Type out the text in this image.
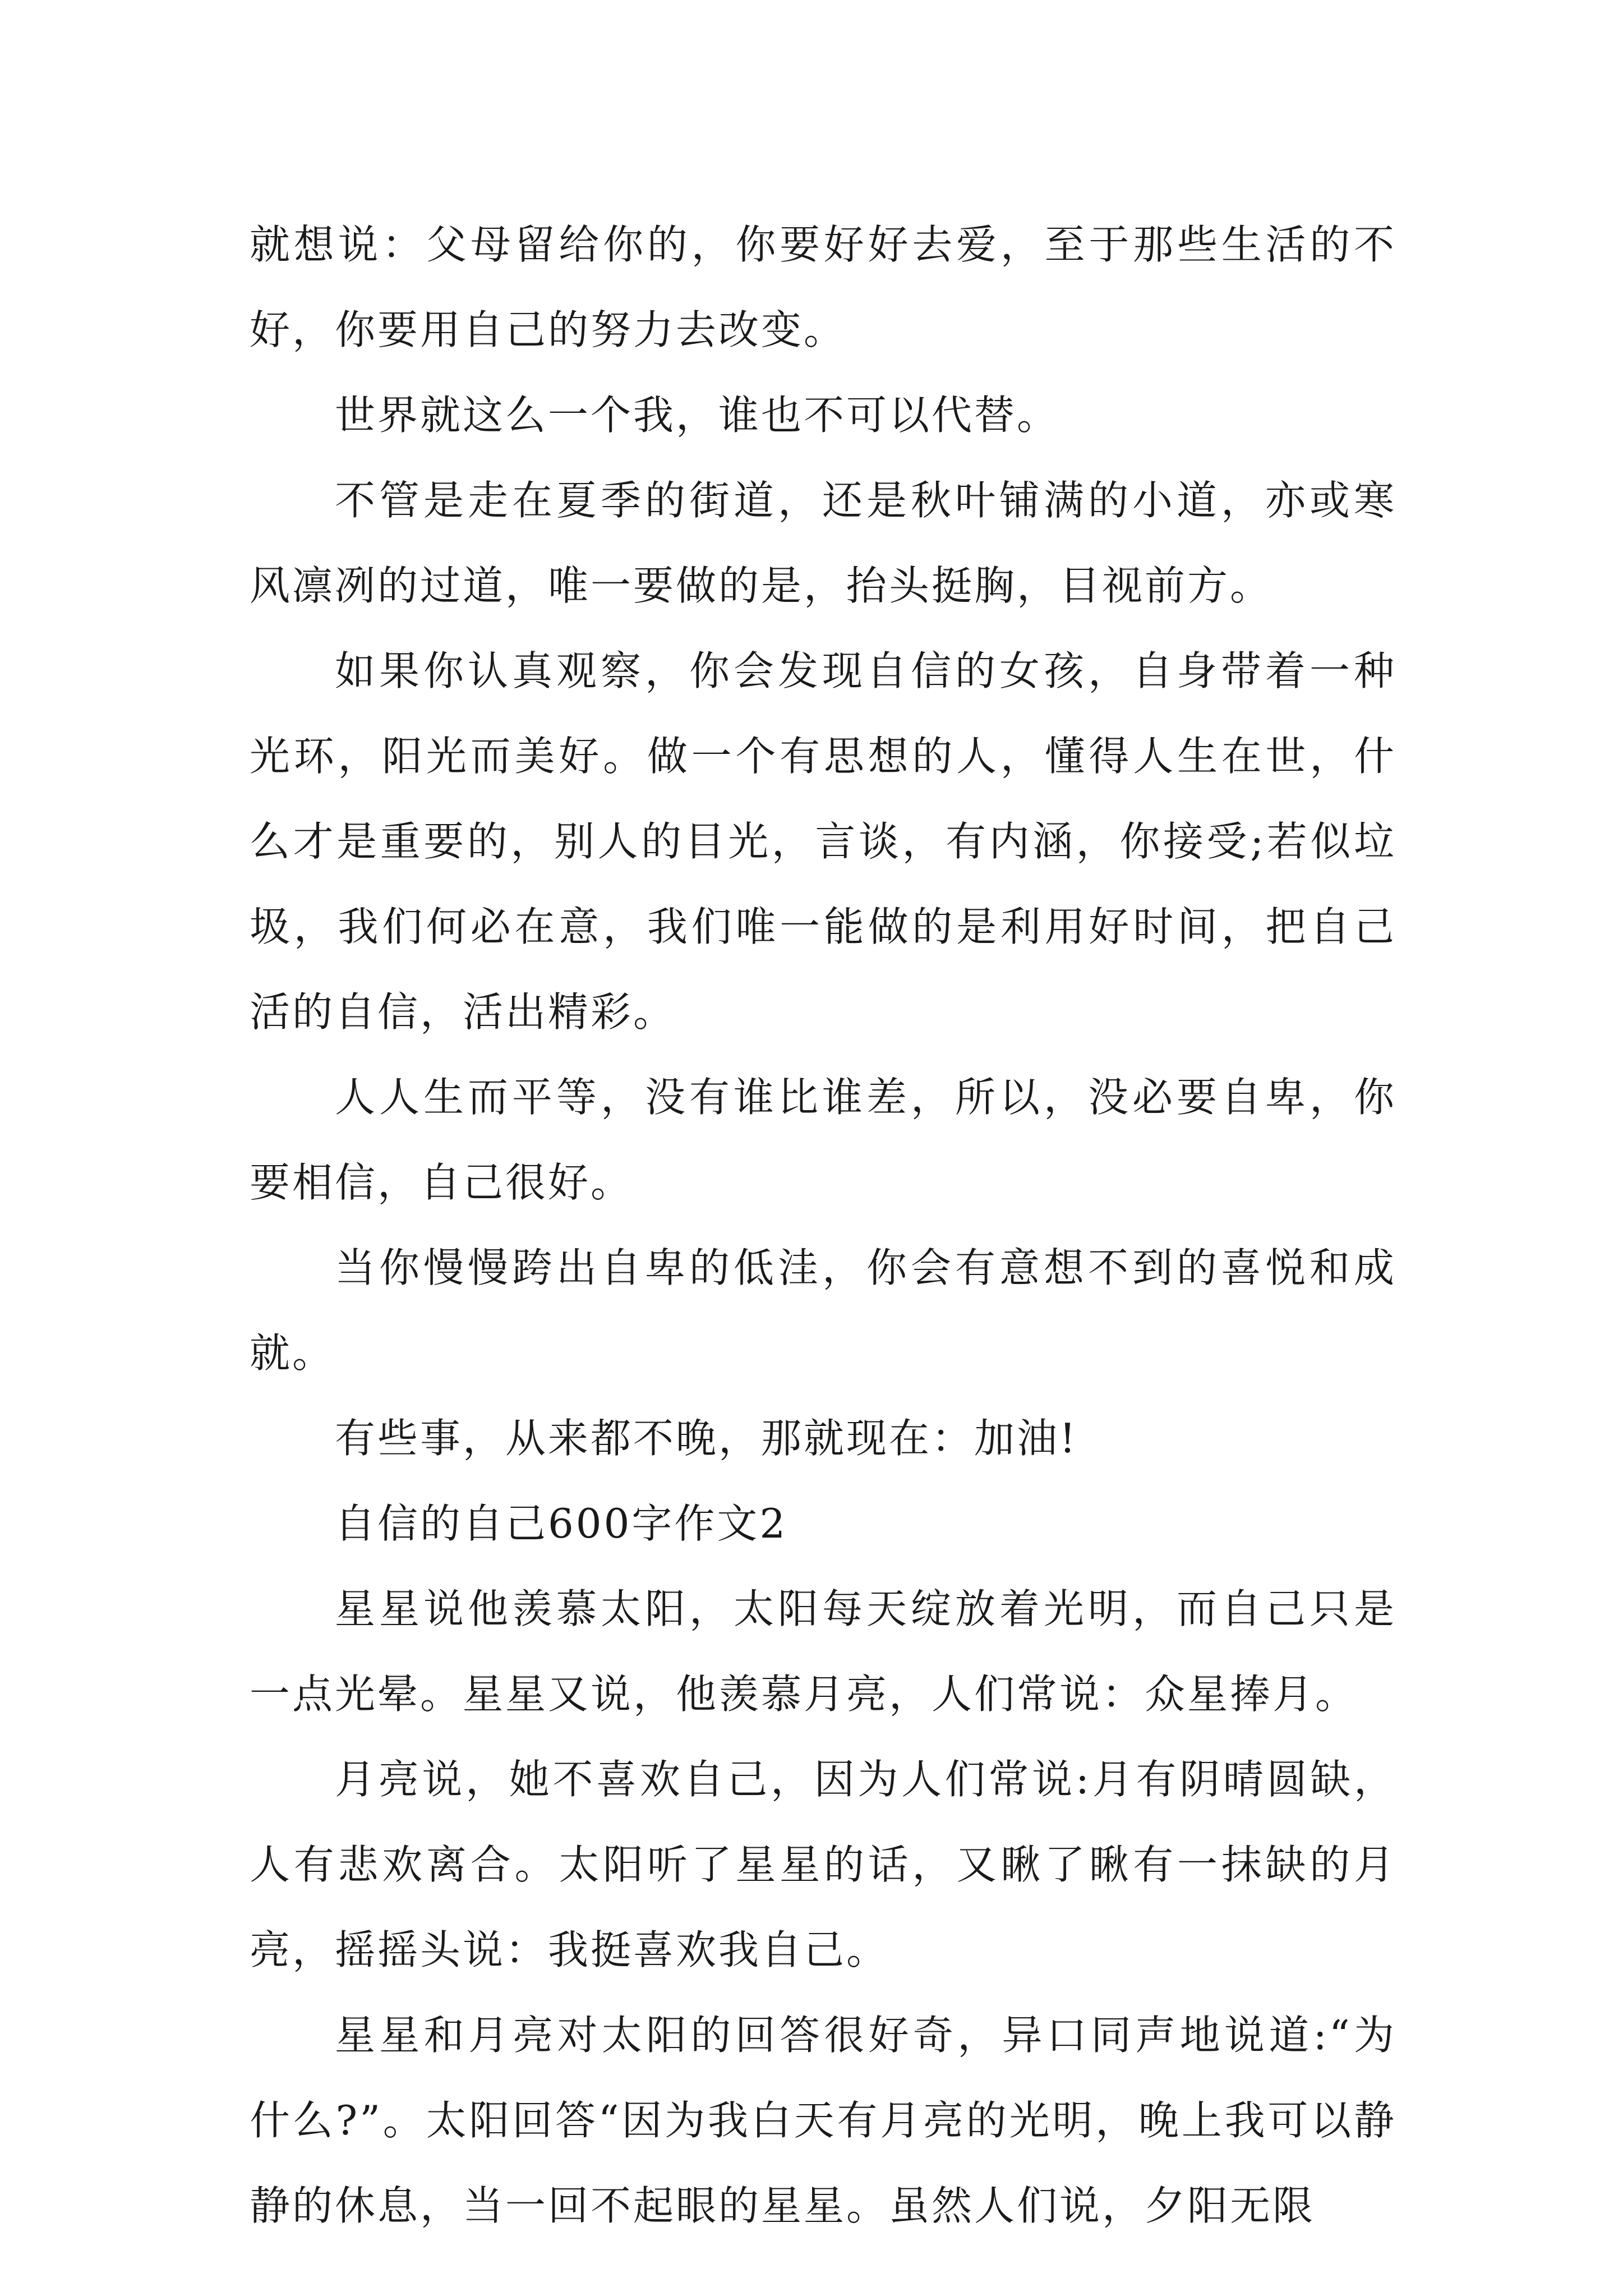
就想说：父母留给你的，你要好好去爱，至于那些生活的不好，你要用自己的努力去改变。

世界就这么一个我，谁也不可以代替。

不管是走在夏季的街道，还是秋叶铺满的小道，亦或寒风凛冽的过道，唯一要做的是，抬头挺胸，目视前方。

如果你认真观察，你会发现自信的女孩，自身带着一种光环，阳光而美好。做一个有思想的人，懂得人生在世，什么才是重要的，别人的目光，言谈，有内涵，你接受;若似垃圾，我们何必在意，我们唯一能做的是利用好时间，把自己活的自信，活出精彩。

人人生而平等，没有谁比谁差，所以，没必要自卑，你要相信，自己很好。

当你慢慢跨出自卑的低洼，你会有意想不到的喜悦和成就。

有些事，从来都不晚，那就现在：加油!

自信的自己600字作文2

星星说他羡慕太阳，太阳每天绽放着光明，而自己只是一点光晕。星星又说，他羡慕月亮，人们常说：众星捧月。

月亮说，她不喜欢自己，因为人们常说:月有阴晴圆缺，人有悲欢离合。太阳听了星星的话，又瞅了瞅有一抹缺的月亮，摇摇头说：我挺喜欢我自己。

星星和月亮对太阳的回答很好奇，异口同声地说道:“为什么?”。太阳回答“因为我白天有月亮的光明，晚上我可以静静的休息，当一回不起眼的星星。虽然人们说，夕阳无限
